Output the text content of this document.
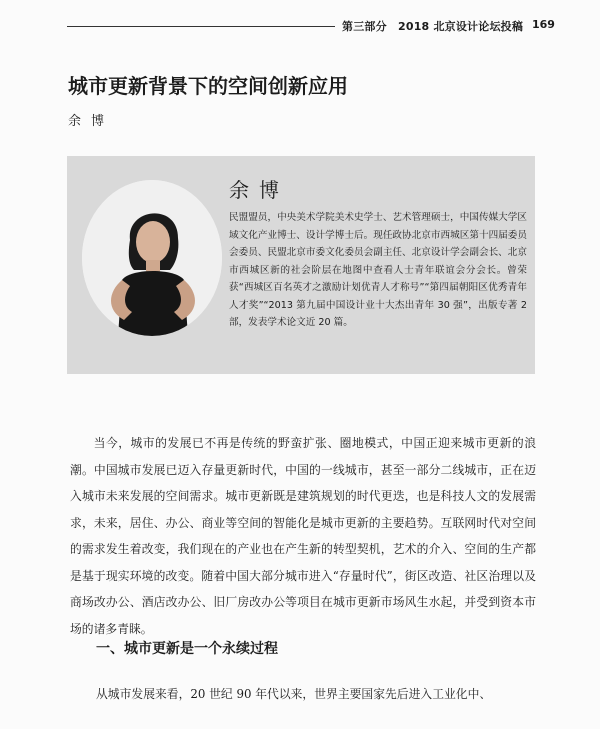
第三部分　2018 北京设计论坛投稿 169
城市更新背景下的空间创新应用
余博
余博

民盟盟员，中央美术学院美术史学士、艺术管理硕士，中国传媒大学区域文化产业博士、设计学博士后。现任政协北京市西城区第十四届委员会委员、民盟北京市委文化委员会副主任、北京设计学会副会长、北京市西城区新的社会阶层在地图中查看人士青年联谊会分会长。曾荣获“西城区百名英才之激励计划优青人才称号”“第四届朝阳区优秀青年人才奖”“2013 第九届中国设计业十大杰出青年 30 强”，出版专著 2 部，发表学术论文近 20 篇。

当今，城市的发展已不再是传统的野蛮扩张、圈地模式，中国正迎来城市更新的浪潮。中国城市发展已迈入存量更新时代，中国的一线城市，甚至一部分二线城市，正在迈入城市未来发展的空间需求。城市更新既是建筑规划的时代更迭，也是科技人文的发展需求，未来，居住、办公、商业等空间的智能化是城市更新的主要趋势。互联网时代对空间的需求发生着改变，我们现在的产业也在产生新的转型契机，艺术的介入、空间的生产都是基于现实环境的改变。随着中国大部分城市进入“存量时代”，街区改造、社区治理以及商场改办公、酒店改办公、旧厂房改办公等项目在城市更新市场风生水起，并受到资本市场的诸多青睐。

一、城市更新是一个永续过程

从城市发展来看，20 世纪 90 年代以来，世界主要国家先后进入工业化中、
